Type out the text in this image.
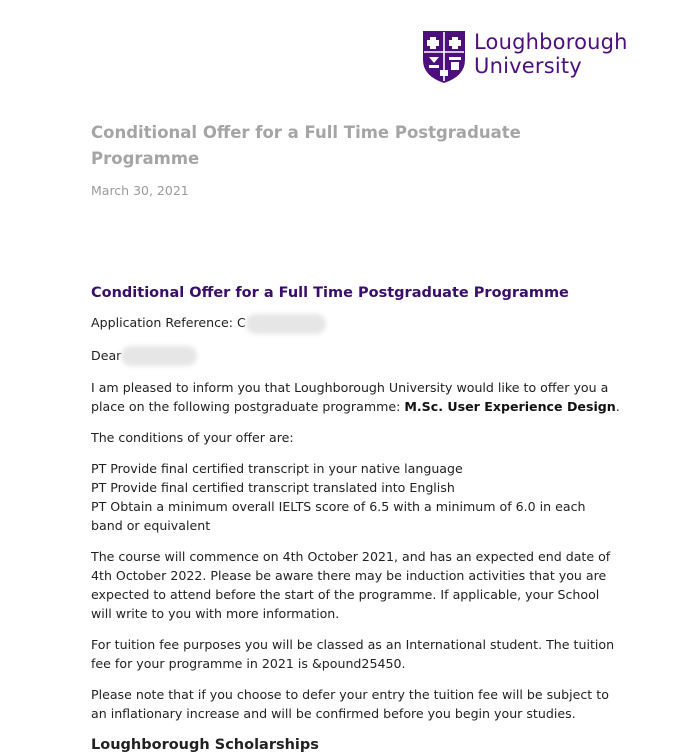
Loughborough
University
Conditional Offer for a Full Time Postgraduate Programme
March 30, 2021
Conditional Offer for a Full Time Postgraduate Programme

Application Reference: C

Dear

I am pleased to inform you that Loughborough University would like to offer you a place on the following postgraduate programme: M.Sc. User Experience Design.

The conditions of your offer are:

PT Provide final certified transcript in your native language

PT Provide final certified transcript translated into English

PT Obtain a minimum overall IELTS score of 6.5 with a minimum of 6.0 in each band or equivalent

The course will commence on 4th October 2021, and has an expected end date of 4th October 2022. Please be aware there may be induction activities that you are expected to attend before the start of the programme. If applicable, your School will write to you with more information.

For tuition fee purposes you will be classed as an International student. The tuition fee for your programme in 2021 is &pound25450.

Please note that if you choose to defer your entry the tuition fee will be subject to an inflationary increase and will be confirmed before you begin your studies.

Loughborough Scholarships
